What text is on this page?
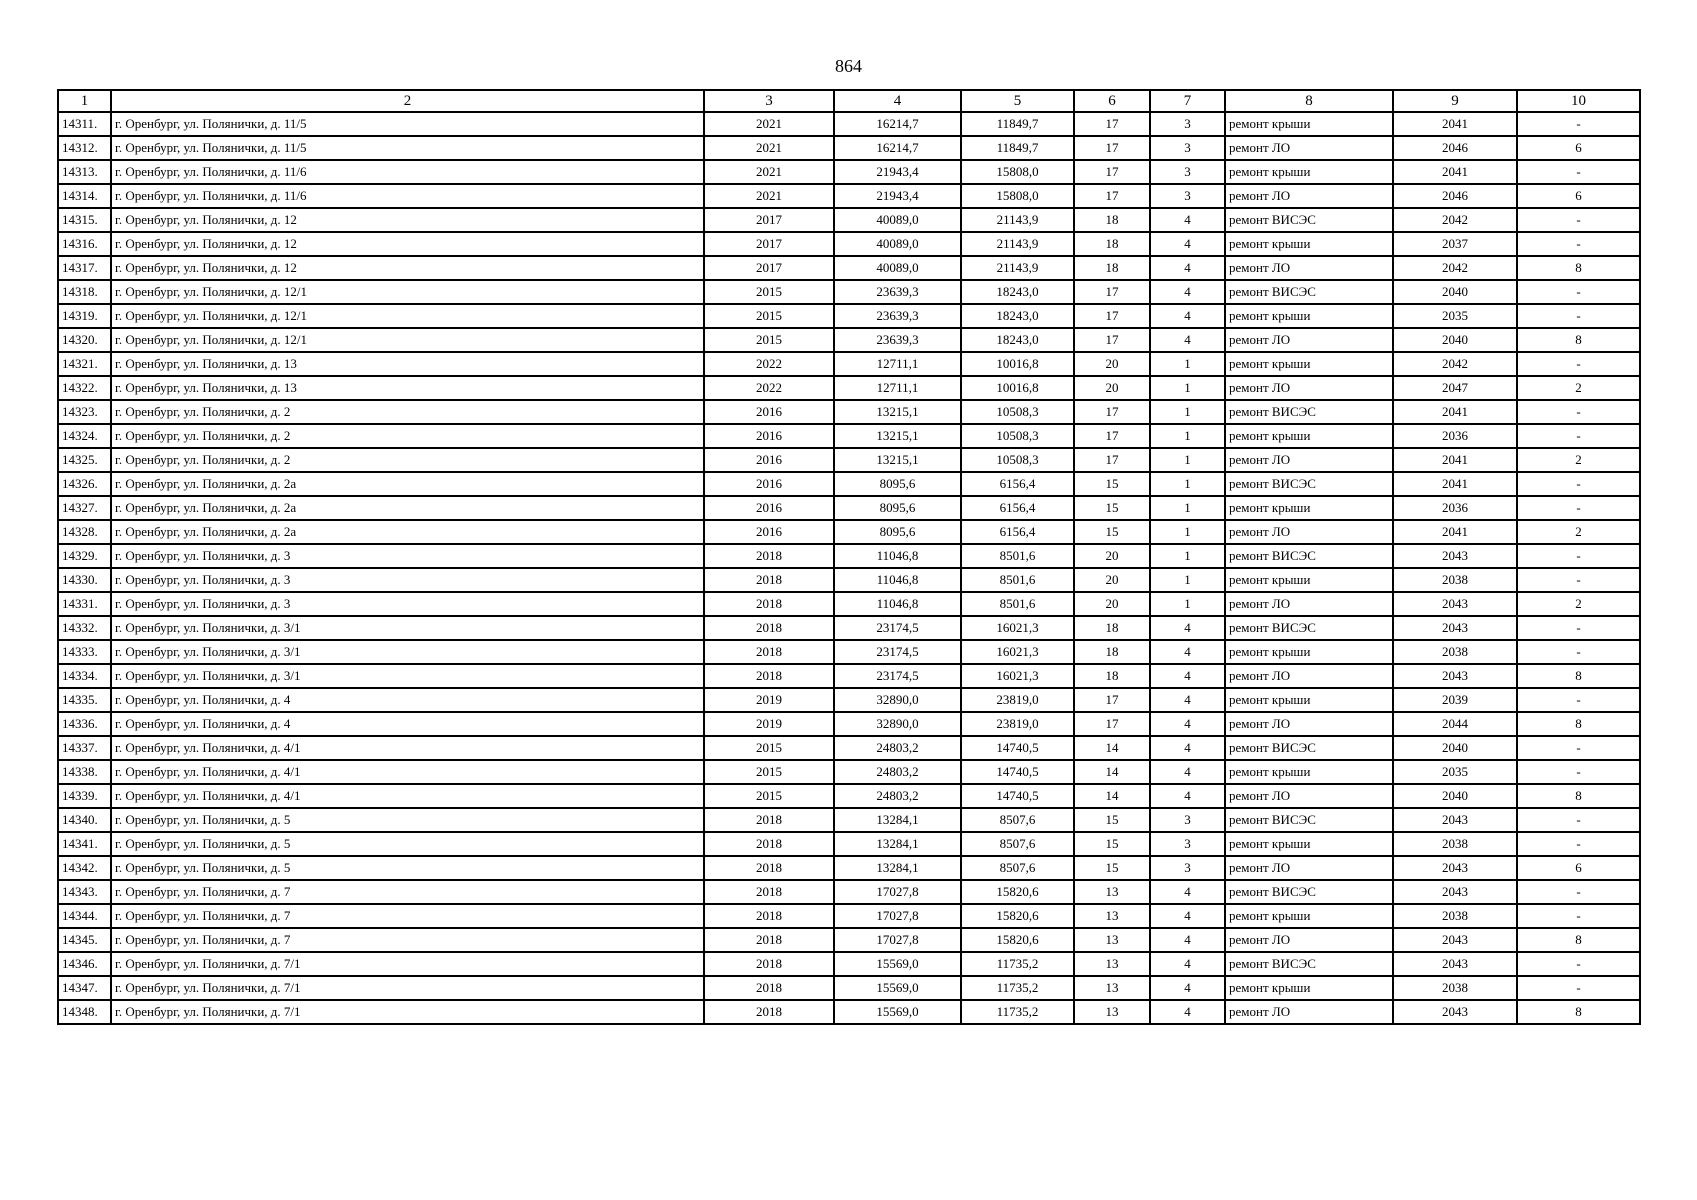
864
1	2	3	4	5	6	7	8	9	10
14311.	г. Оренбург, ул. Полянички, д. 11/5	2021	16214,7	11849,7	17	3	ремонт крыши	2041	-
14312.	г. Оренбург, ул. Полянички, д. 11/5	2021	16214,7	11849,7	17	3	ремонт ЛО	2046	6
14313.	г. Оренбург, ул. Полянички, д. 11/6	2021	21943,4	15808,0	17	3	ремонт крыши	2041	-
14314.	г. Оренбург, ул. Полянички, д. 11/6	2021	21943,4	15808,0	17	3	ремонт ЛО	2046	6
14315.	г. Оренбург, ул. Полянички, д. 12	2017	40089,0	21143,9	18	4	ремонт ВИСЭС	2042	-
14316.	г. Оренбург, ул. Полянички, д. 12	2017	40089,0	21143,9	18	4	ремонт крыши	2037	-
14317.	г. Оренбург, ул. Полянички, д. 12	2017	40089,0	21143,9	18	4	ремонт ЛО	2042	8
14318.	г. Оренбург, ул. Полянички, д. 12/1	2015	23639,3	18243,0	17	4	ремонт ВИСЭС	2040	-
14319.	г. Оренбург, ул. Полянички, д. 12/1	2015	23639,3	18243,0	17	4	ремонт крыши	2035	-
14320.	г. Оренбург, ул. Полянички, д. 12/1	2015	23639,3	18243,0	17	4	ремонт ЛО	2040	8
14321.	г. Оренбург, ул. Полянички, д. 13	2022	12711,1	10016,8	20	1	ремонт крыши	2042	-
14322.	г. Оренбург, ул. Полянички, д. 13	2022	12711,1	10016,8	20	1	ремонт ЛО	2047	2
14323.	г. Оренбург, ул. Полянички, д. 2	2016	13215,1	10508,3	17	1	ремонт ВИСЭС	2041	-
14324.	г. Оренбург, ул. Полянички, д. 2	2016	13215,1	10508,3	17	1	ремонт крыши	2036	-
14325.	г. Оренбург, ул. Полянички, д. 2	2016	13215,1	10508,3	17	1	ремонт ЛО	2041	2
14326.	г. Оренбург, ул. Полянички, д. 2а	2016	8095,6	6156,4	15	1	ремонт ВИСЭС	2041	-
14327.	г. Оренбург, ул. Полянички, д. 2а	2016	8095,6	6156,4	15	1	ремонт крыши	2036	-
14328.	г. Оренбург, ул. Полянички, д. 2а	2016	8095,6	6156,4	15	1	ремонт ЛО	2041	2
14329.	г. Оренбург, ул. Полянички, д. 3	2018	11046,8	8501,6	20	1	ремонт ВИСЭС	2043	-
14330.	г. Оренбург, ул. Полянички, д. 3	2018	11046,8	8501,6	20	1	ремонт крыши	2038	-
14331.	г. Оренбург, ул. Полянички, д. 3	2018	11046,8	8501,6	20	1	ремонт ЛО	2043	2
14332.	г. Оренбург, ул. Полянички, д. 3/1	2018	23174,5	16021,3	18	4	ремонт ВИСЭС	2043	-
14333.	г. Оренбург, ул. Полянички, д. 3/1	2018	23174,5	16021,3	18	4	ремонт крыши	2038	-
14334.	г. Оренбург, ул. Полянички, д. 3/1	2018	23174,5	16021,3	18	4	ремонт ЛО	2043	8
14335.	г. Оренбург, ул. Полянички, д. 4	2019	32890,0	23819,0	17	4	ремонт крыши	2039	-
14336.	г. Оренбург, ул. Полянички, д. 4	2019	32890,0	23819,0	17	4	ремонт ЛО	2044	8
14337.	г. Оренбург, ул. Полянички, д. 4/1	2015	24803,2	14740,5	14	4	ремонт ВИСЭС	2040	-
14338.	г. Оренбург, ул. Полянички, д. 4/1	2015	24803,2	14740,5	14	4	ремонт крыши	2035	-
14339.	г. Оренбург, ул. Полянички, д. 4/1	2015	24803,2	14740,5	14	4	ремонт ЛО	2040	8
14340.	г. Оренбург, ул. Полянички, д. 5	2018	13284,1	8507,6	15	3	ремонт ВИСЭС	2043	-
14341.	г. Оренбург, ул. Полянички, д. 5	2018	13284,1	8507,6	15	3	ремонт крыши	2038	-
14342.	г. Оренбург, ул. Полянички, д. 5	2018	13284,1	8507,6	15	3	ремонт ЛО	2043	6
14343.	г. Оренбург, ул. Полянички, д. 7	2018	17027,8	15820,6	13	4	ремонт ВИСЭС	2043	-
14344.	г. Оренбург, ул. Полянички, д. 7	2018	17027,8	15820,6	13	4	ремонт крыши	2038	-
14345.	г. Оренбург, ул. Полянички, д. 7	2018	17027,8	15820,6	13	4	ремонт ЛО	2043	8
14346.	г. Оренбург, ул. Полянички, д. 7/1	2018	15569,0	11735,2	13	4	ремонт ВИСЭС	2043	-
14347.	г. Оренбург, ул. Полянички, д. 7/1	2018	15569,0	11735,2	13	4	ремонт крыши	2038	-
14348.	г. Оренбург, ул. Полянички, д. 7/1	2018	15569,0	11735,2	13	4	ремонт ЛО	2043	8
